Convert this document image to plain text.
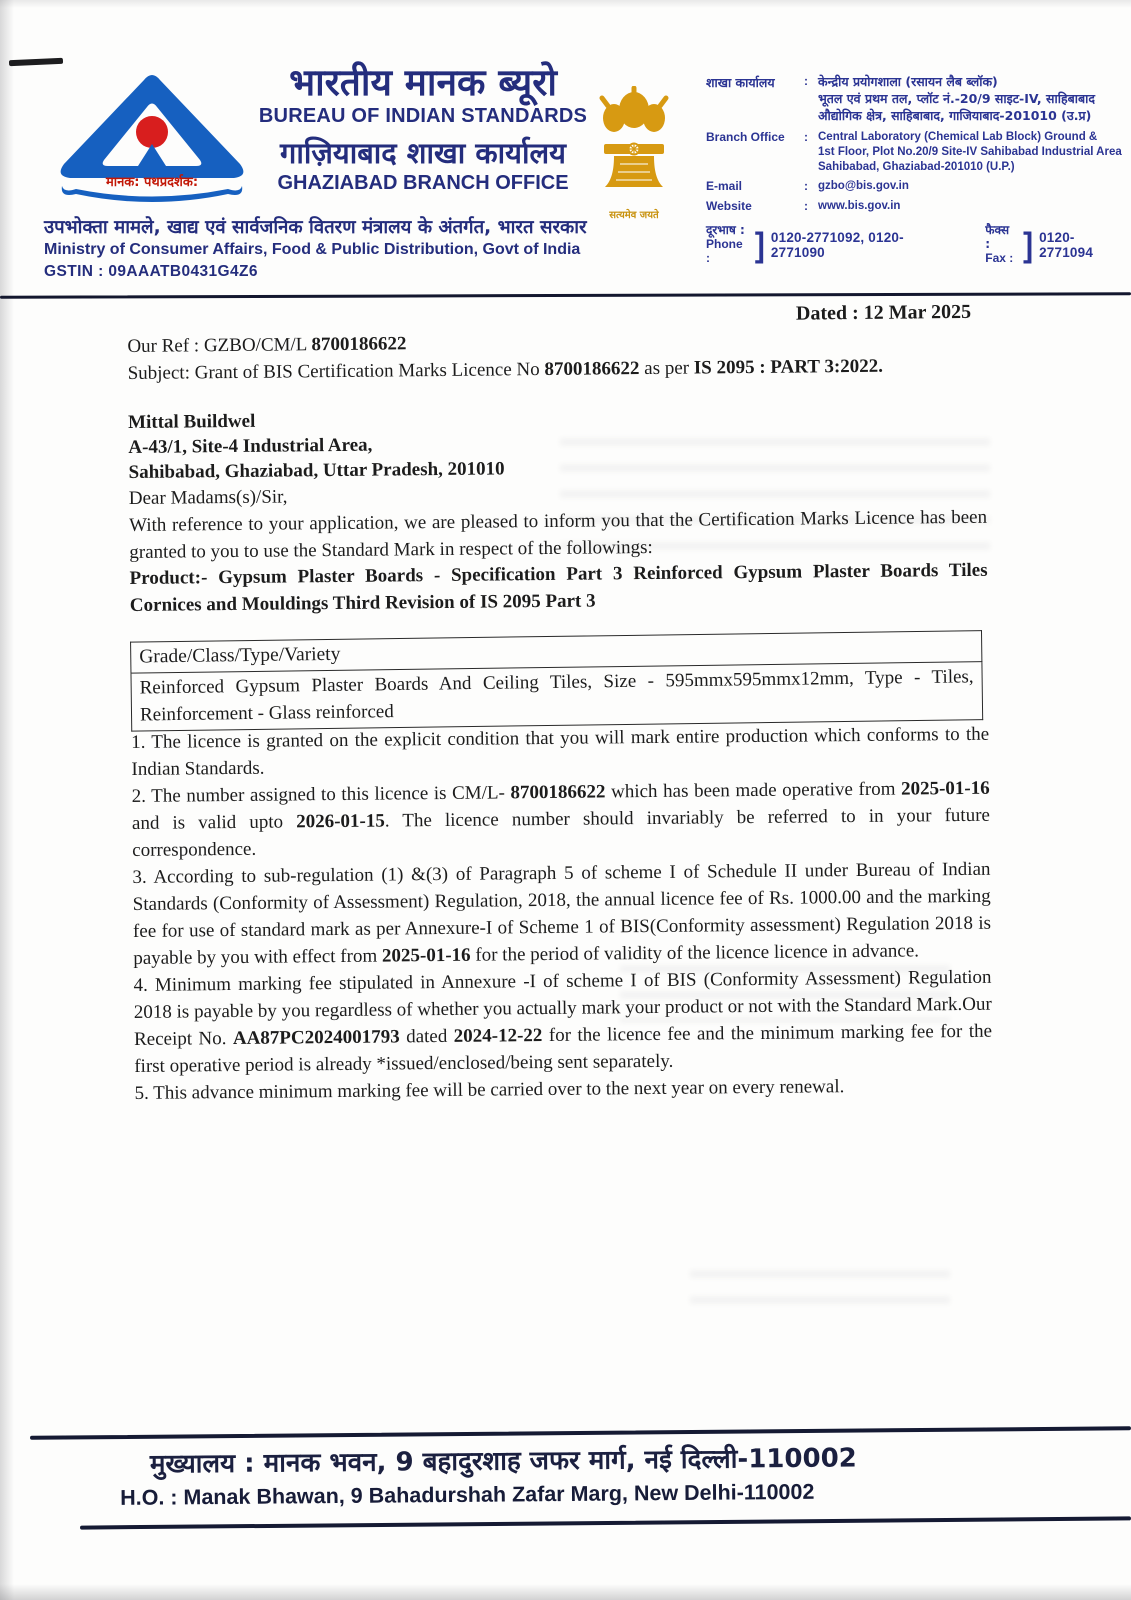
मानक: पथप्रदर्शक:
भारतीय मानक ब्यूरो
BUREAU OF INDIAN STANDARDS
गाज़ियाबाद शाखा कार्यालय
GHAZIABAD BRANCH OFFICE
उपभोक्ता मामले, खाद्य एवं सार्वजनिक वितरण मंत्रालय के अंतर्गत, भारत सरकार
Ministry of Consumer Affairs, Food & Public Distribution, Govt of India
GSTIN : 09AAATB0431G4Z6
सत्यमेव जयते
शाखा कार्यालय	: केन्द्रीय प्रयोगशाला (रसायन लैब ब्लॉक)
भूतल एवं प्रथम तल, प्लॉट नं.-20/9 साइट-IV, साहिबाबाद
औद्योगिक क्षेत्र, साहिबाबाद, गाजियाबाद-201010 (उ.प्र)
Branch Office	: Central Laboratory (Chemical Lab Block) Ground &
1st Floor, Plot No.20/9 Site-IV Sahibabad Industrial Area
Sahibabad, Ghaziabad-201010 (U.P.)
E-mail	: gzbo@bis.gov.in
Website	: www.bis.gov.in
दूरभाष :
Phone :	] 0120-2771092, 0120-2771090
फैक्स :
Fax : ] 0120-2771094

Dated : 12 Mar 2025

Our Ref : GZBO/CM/L 8700186622

Subject: Grant of BIS Certification Marks Licence No 8700186622 as per IS 2095 : PART 3:2022.

Mittal Buildwel
A-43/1, Site-4 Industrial Area,
Sahibabad, Ghaziabad, Uttar Pradesh, 201010

Dear Madams(s)/Sir,

With reference to your application, we are pleased to inform you that the Certification Marks Licence has been granted to you to use the Standard Mark in respect of the followings:

Product:- Gypsum Plaster Boards - Specification Part 3 Reinforced Gypsum Plaster Boards Tiles Cornices and Mouldings Third Revision of IS 2095 Part 3

Grade/Class/Type/Variety
Reinforced Gypsum Plaster Boards And Ceiling Tiles, Size - 595mmx595mmx12mm, Type - Tiles, Reinforcement - Glass reinforced

1. The licence is granted on the explicit condition that you will mark entire production which conforms to the Indian Standards.

2. The number assigned to this licence is CM/L- 8700186622 which has been made operative from 2025-01-16 and is valid upto 2026-01-15. The licence number should invariably be referred to in your future correspondence.

3. According to sub-regulation (1) &(3) of Paragraph 5 of scheme I of Schedule II under Bureau of Indian Standards (Conformity of Assessment) Regulation, 2018, the annual licence fee of Rs. 1000.00 and the marking fee for use of standard mark as per Annexure-I of Scheme 1 of BIS(Conformity assessment) Regulation 2018 is payable by you with effect from 2025-01-16 for the period of validity of the licence licence in advance.

4. Minimum marking fee stipulated in Annexure -I of scheme I of BIS (Conformity Assessment) Regulation 2018 is payable by you regardless of whether you actually mark your product or not with the Standard Mark.Our Receipt No. AA87PC2024001793 dated 2024-12-22 for the licence fee and the minimum marking fee for the first operative period is already *issued/enclosed/being sent separately.

5. This advance minimum marking fee will be carried over to the next year on every renewal.

मुख्यालय : मानक भवन, 9 बहादुरशाह जफर मार्ग, नई दिल्ली-110002
H.O. : Manak Bhawan, 9 Bahadurshah Zafar Marg, New Delhi-110002
